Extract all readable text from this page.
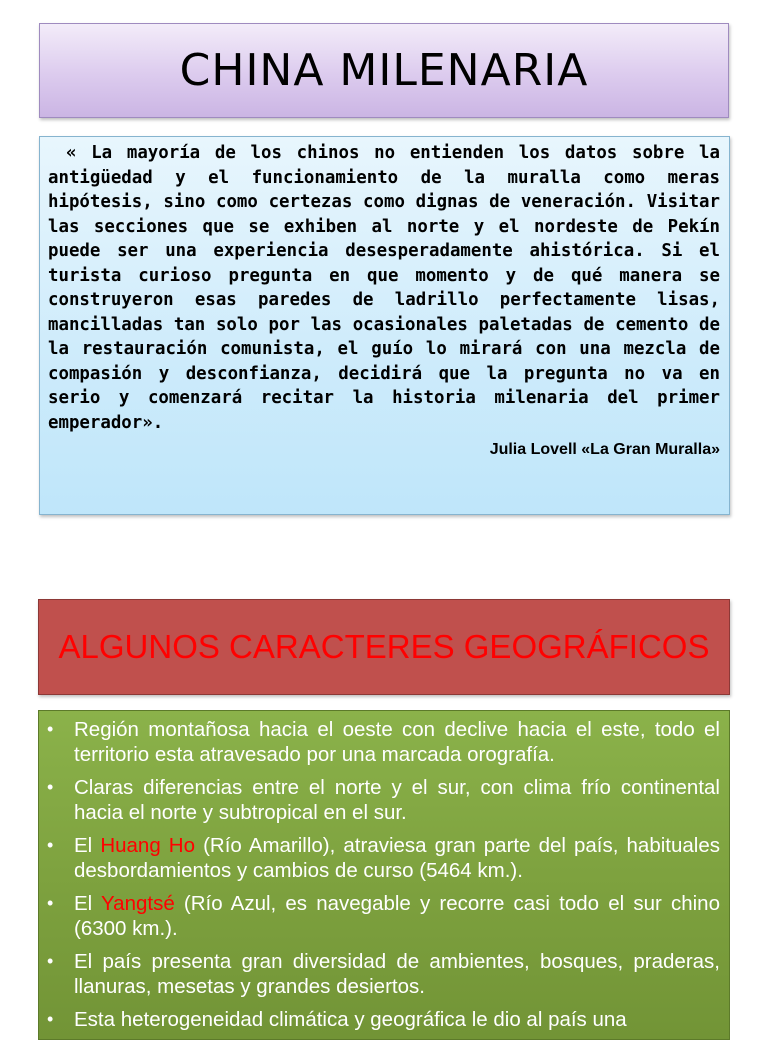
CHINA MILENARIA

« La mayoría de los chinos no entienden los datos sobre la antigüedad y el funcionamiento de la muralla como meras hipótesis, sino como certezas como dignas de veneración. Visitar las secciones que se exhiben al norte y el nordeste de Pekín puede ser una experiencia desesperadamente ahistórica. Si el turista curioso pregunta en que momento y de qué manera se construyeron esas paredes de ladrillo perfectamente lisas, mancilladas tan solo por las ocasionales paletadas de cemento de la restauración comunista, el guío lo mirará con una mezcla de compasión y desconfianza, decidirá que la pregunta no va en serio y comenzará recitar la historia milenaria del primer emperador».

Julia Lovell «La Gran Muralla»

ALGUNOS CARACTERES GEOGRÁFICOS
• Región montañosa hacia el oeste con declive hacia el este, todo el territorio esta atravesado por una marcada orografía.
• Claras diferencias entre el norte y el sur, con clima frío continental hacia el norte y subtropical en el sur.
• El Huang Ho (Río Amarillo), atraviesa gran parte del país, habituales desbordamientos y cambios de curso (5464 km.).
• El Yangtsé (Río Azul, es navegable y recorre casi todo el sur chino (6300 km.).
• El país presenta gran diversidad de ambientes, bosques, praderas, llanuras, mesetas y grandes desiertos.
• Esta heterogeneidad climática y geográfica le dio al país una
